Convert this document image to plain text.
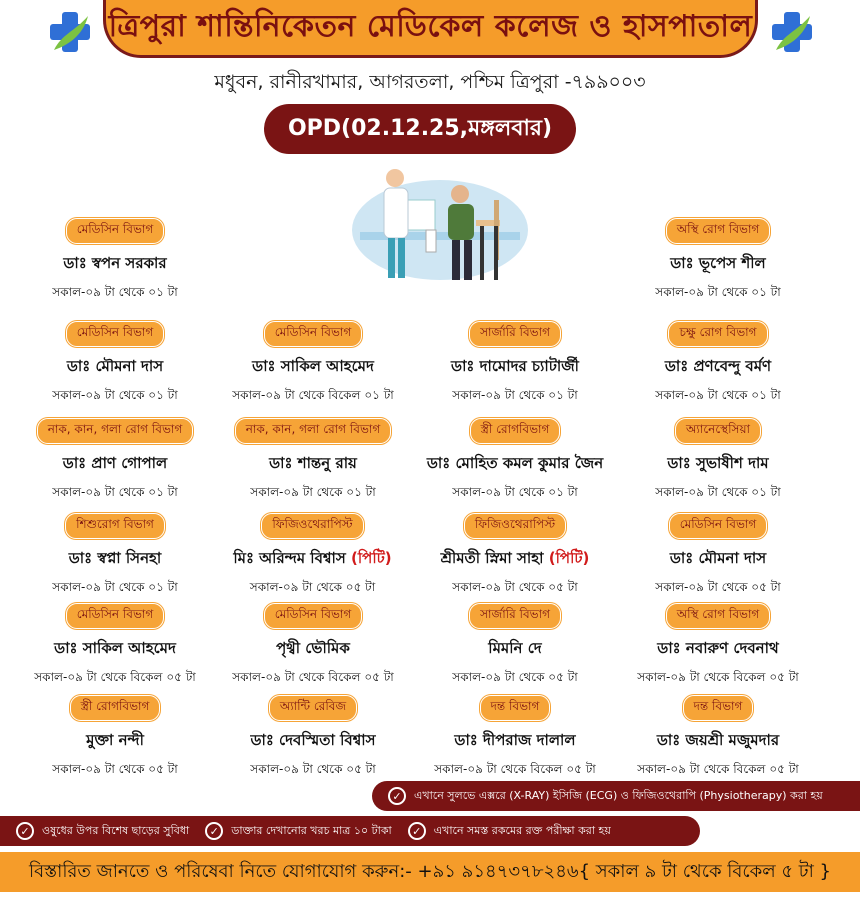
ত্রিপুরা শান্তিনিকেতন মেডিকেল কলেজ ও হাসপাতাল
মধুবন, রানীরখামার, আগরতলা, পশ্চিম ত্রিপুরা -৭৯৯০০৩
OPD(02.12.25,মঙ্গলবার)
মেডিসিন বিভাগ
ডাঃ স্বপন সরকার
সকাল-০৯ টা থেকে ০১ টা
অস্থি রোগ বিভাগ
ডাঃ ভূপেস শীল
সকাল-০৯ টা থেকে ০১ টা
মেডিসিন বিভাগ
ডাঃ মৌমনা দাস
সকাল-০৯ টা থেকে ০১ টা
মেডিসিন বিভাগ
ডাঃ সাকিল আহমেদ
সকাল-০৯ টা থেকে বিকেল ০১ টা
সার্জারি বিভাগ
ডাঃ দামোদর চ্যাটার্জী
সকাল-০৯ টা থেকে ০১ টা
চক্ষু রোগ বিভাগ
ডাঃ প্রণবেন্দু বর্মণ
সকাল-০৯ টা থেকে ০১ টা
নাক, কান, গলা রোগ বিভাগ
ডাঃ প্রাণ গোপাল
সকাল-০৯ টা থেকে ০১ টা
নাক, কান, গলা রোগ বিভাগ
ডাঃ শান্তনু রায়
সকাল-০৯ টা থেকে ০১ টা
স্ত্রী রোগবিভাগ
ডাঃ মোহিত কমল কুমার জৈন
সকাল-০৯ টা থেকে ০১ টা
অ্যানেস্থেসিয়া
ডাঃ সুভাষীশ দাম
সকাল-০৯ টা থেকে ০১ টা
শিশুরোগ বিভাগ
ডাঃ স্বপ্না সিনহা
সকাল-০৯ টা থেকে ০১ টা
ফিজিওথেরাপিস্ট
মিঃ অরিন্দম বিশ্বাস (পিটি)
সকাল-০৯ টা থেকে ০৫ টা
ফিজিওথেরাপিস্ট
শ্রীমতী স্নিমা সাহা (পিটি)
সকাল-০৯ টা থেকে ০৫ টা
মেডিসিন বিভাগ
ডাঃ মৌমনা দাস
সকাল-০৯ টা থেকে ০৫ টা
মেডিসিন বিভাগ
ডাঃ সাকিল আহমেদ
সকাল-০৯ টা থেকে বিকেল ০৫ টা
মেডিসিন বিভাগ
পৃথ্বী ভৌমিক
সকাল-০৯ টা থেকে বিকেল ০৫ টা
সার্জারি বিভাগ
মিমনি দে
সকাল-০৯ টা থেকে ০৫ টা
অস্থি রোগ বিভাগ
ডাঃ নবারুণ দেবনাথ
সকাল-০৯ টা থেকে বিকেল ০৫ টা
স্ত্রী রোগবিভাগ
মুক্তা নন্দী
সকাল-০৯ টা থেকে ০৫ টা
অ্যান্টি রেবিজ
ডাঃ দেবস্মিতা বিশ্বাস
সকাল-০৯ টা থেকে ০৫ টা
দন্ত বিভাগ
ডাঃ দীপরাজ দালাল
সকাল-০৯ টা থেকে বিকেল ০৫ টা
দন্ত বিভাগ
ডাঃ জয়শ্রী মজুমদার
সকাল-০৯ টা থেকে বিকেল ০৫ টা
✓	এখানে সুলভে এক্সরে (X-RAY) ইসিজি (ECG) ও ফিজিওথেরাপি (Physiotherapy) করা হয়
✓	ওষুধের উপর বিশেষ ছাড়ের সুবিধা	✓	ডাক্তার দেখানোর খরচ মাত্র ১০ টাকা	✓	এখানে সমস্ত রকমের রক্ত পরীক্ষা করা হয়
বিস্তারিত জানতে ও পরিষেবা নিতে যোগাযোগ করুন:- +৯১ ৯১৪৭৩৭৮২৪৬{ সকাল ৯ টা থেকে বিকেল ৫ টা }
